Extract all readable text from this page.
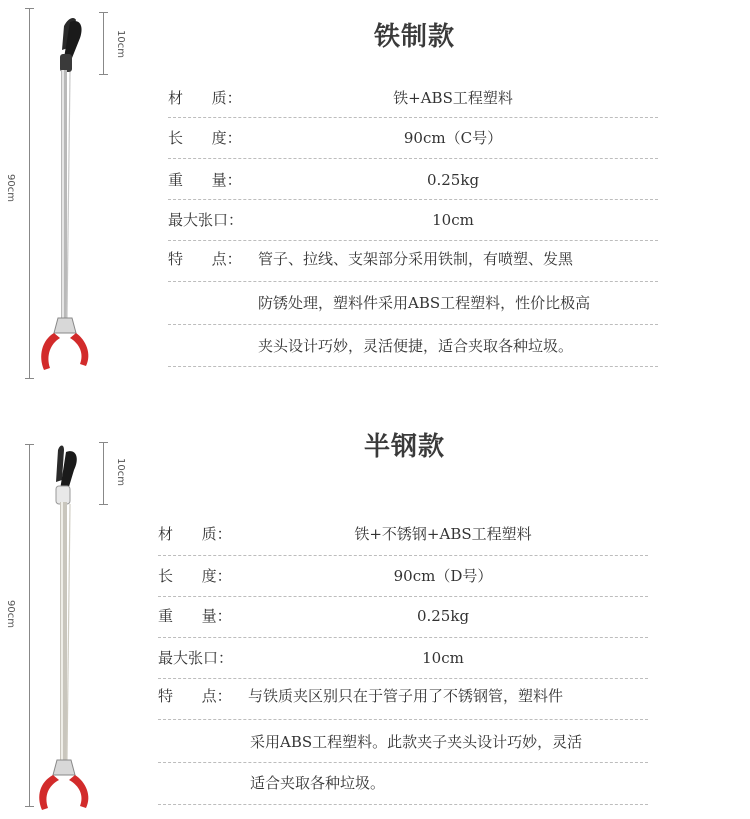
90cm
10cm	铁制款
材      质：	铁+ABS工程塑料
长      度：	90cm（C号）
重      量：	0.25kg
最大张口：	10cm
特      点： 管子、拉线、支架部分采用铁制，有喷塑、发黑
防锈处理，塑料件采用ABS工程塑料，性价比极高
夹头设计巧妙，灵活便捷，适合夹取各种垃圾。
90cm
10cm
半钢款
材      质：	铁+不锈钢+ABS工程塑料
长      度：	90cm（D号）
重      量：	0.25kg
最大张口：	10cm
特      点： 与铁质夹区别只在于管子用了不锈钢管，塑料件
采用ABS工程塑料。此款夹子夹头设计巧妙，灵活
适合夹取各种垃圾。
